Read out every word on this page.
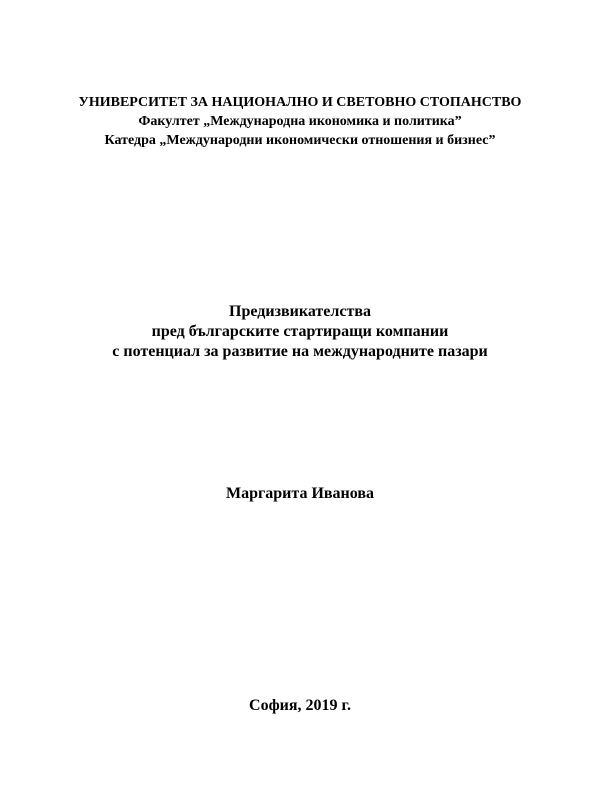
УНИВЕРСИТЕТ ЗА НАЦИОНАЛНО И СВЕТОВНО СТОПАНСТВО
Факултет „Международна икономика и политика”
Катедра „Международни икономически отношения и бизнес”
Предизвикателства
пред българските стартиращи компании
с потенциал за развитие на международните пазари
Маргарита Иванова
София, 2019 г.
